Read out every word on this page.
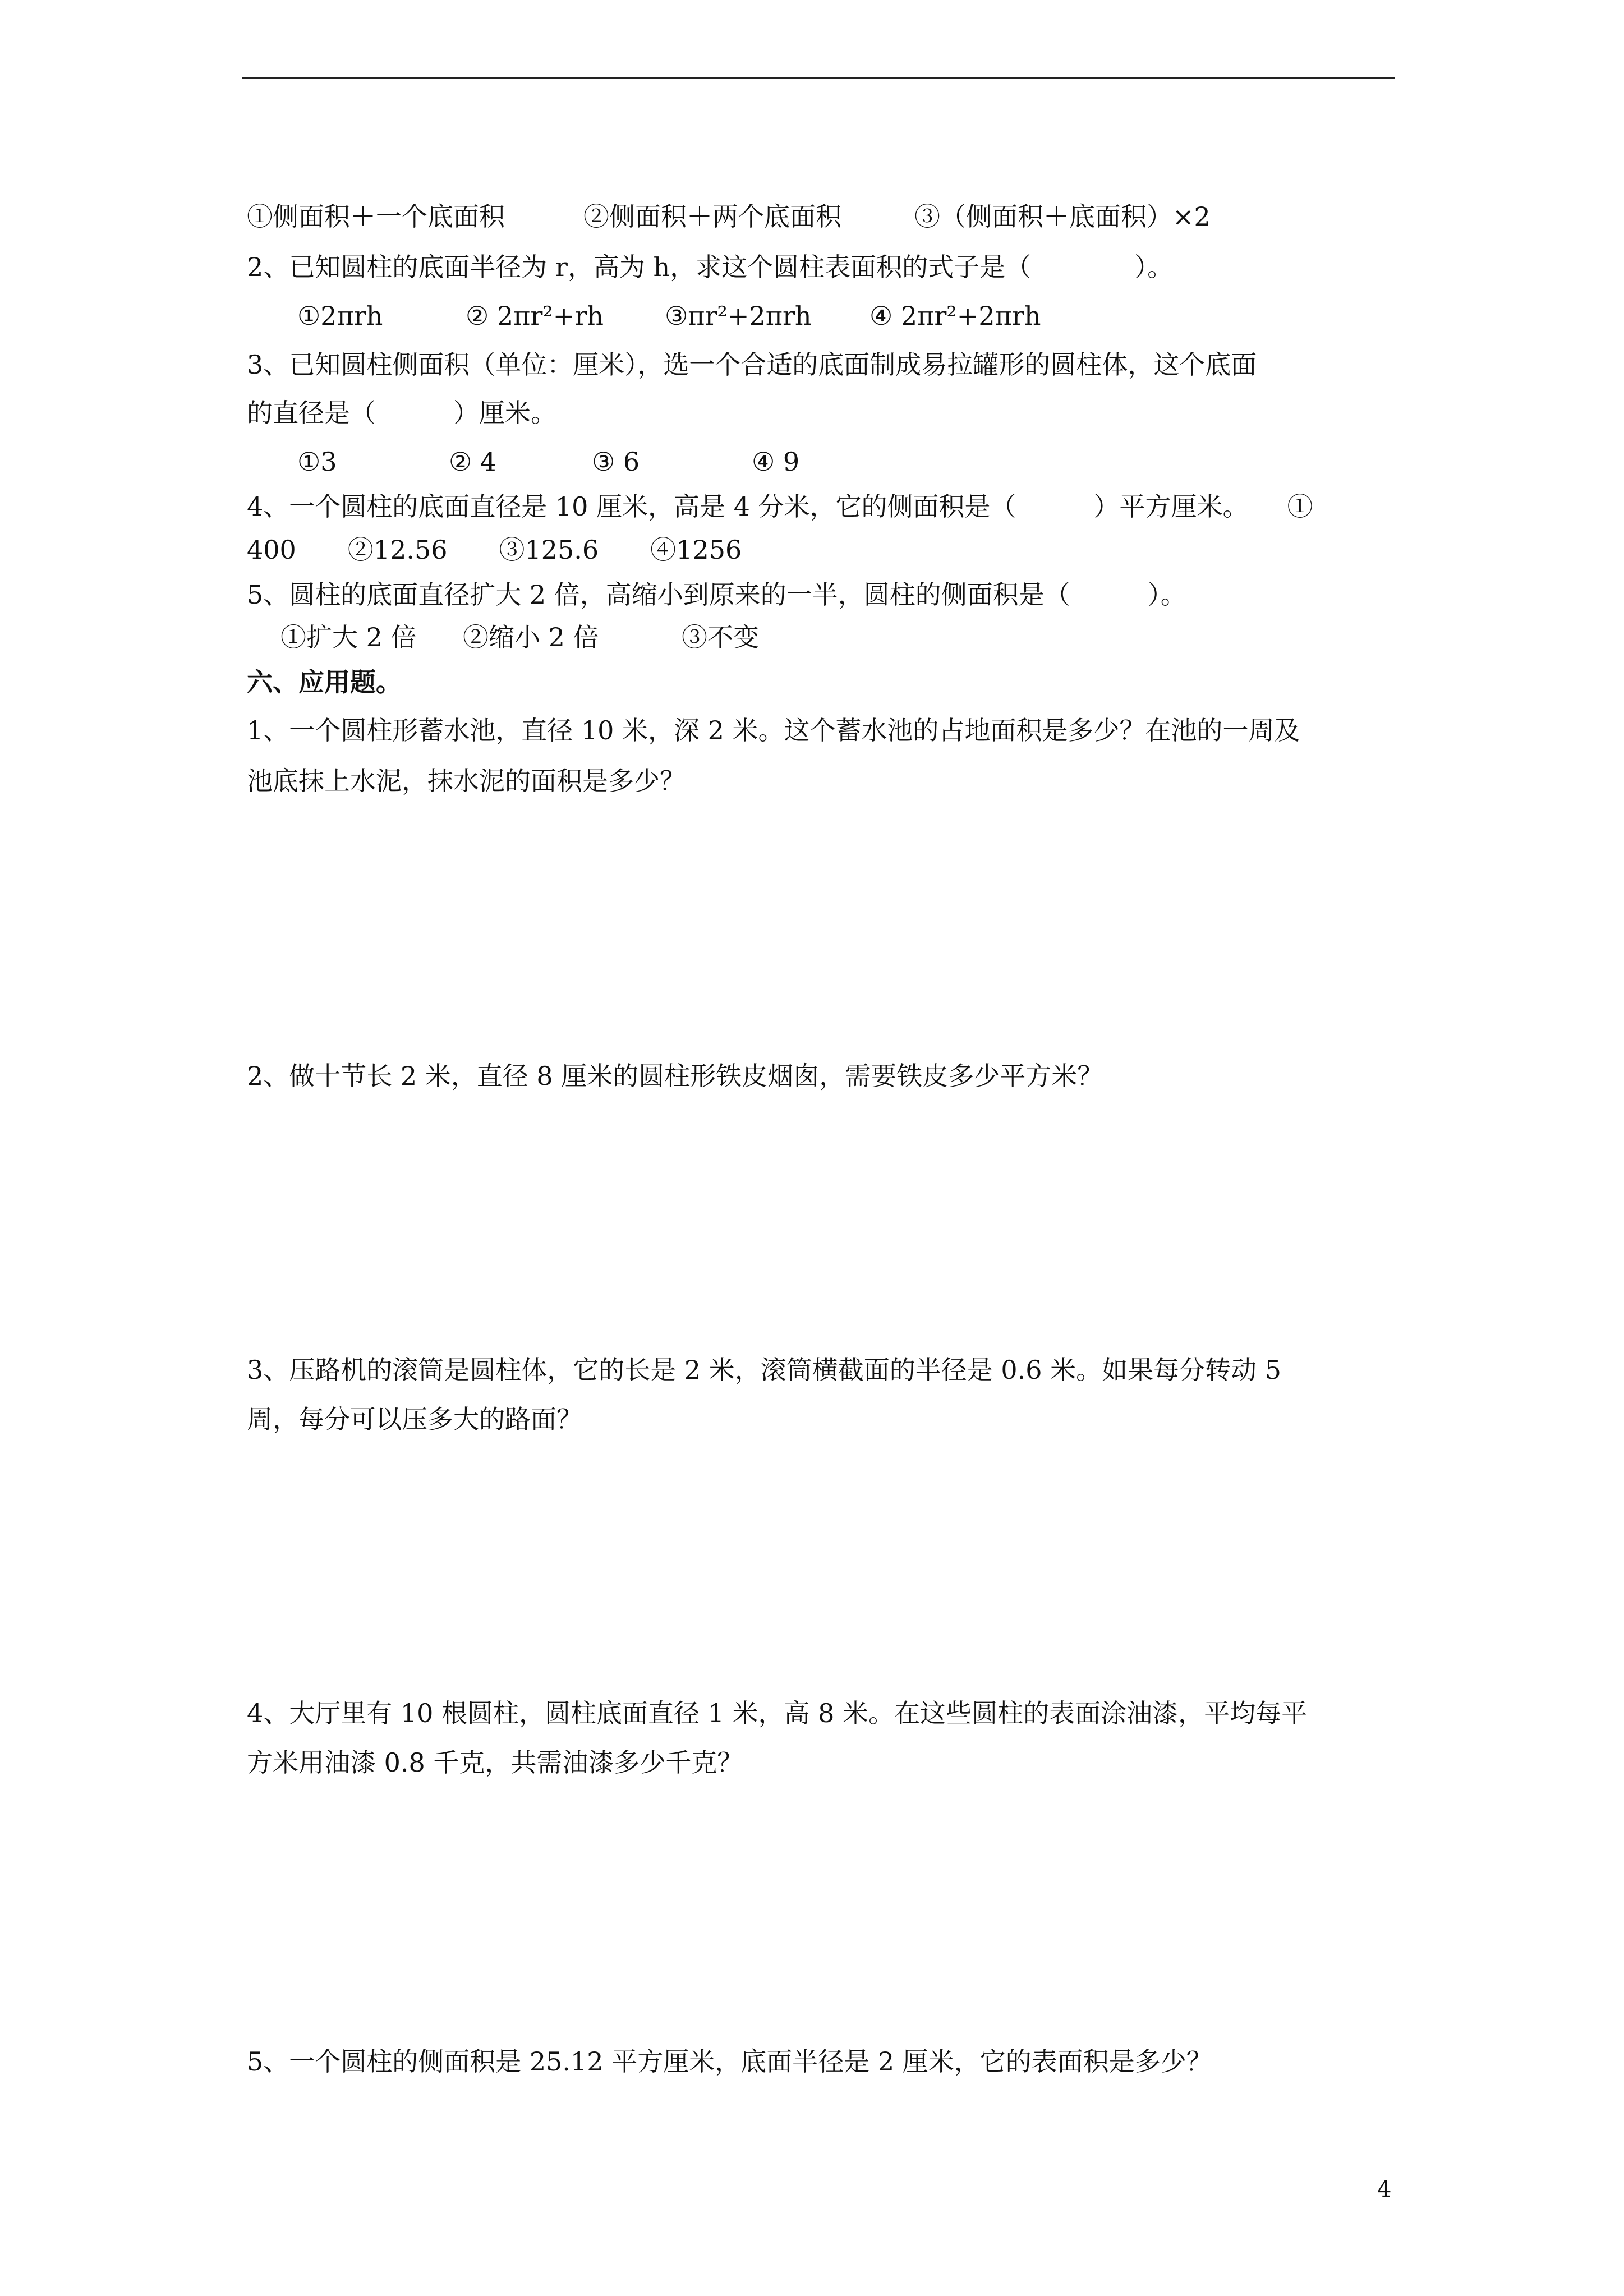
①侧面积＋一个底面积	②侧面积＋两个底面积	③（侧面积＋底面积）×2
2、已知圆柱的底面半径为 r，高为 h，求这个圆柱表面积的式子是（　　　　）。
①2πrh	② 2πr²+rh ③πr²+2πrh ④ 2πr²+2πrh
3、已知圆柱侧面积（单位：厘米），选一个合适的底面制成易拉罐形的圆柱体，这个底面
的直径是（　　　）厘米。
①3	② 4	③ 6	④ 9
4、一个圆柱的底面直径是 10 厘米，高是 4 分米，它的侧面积是（　　　）平方厘米。　　①
400　　②12.56　　③125.6　　④1256
5、圆柱的底面直径扩大 2 倍，高缩小到原来的一半，圆柱的侧面积是（　　　）。
①扩大 2 倍 ②缩小 2 倍	③不变
六、应用题。
1、一个圆柱形蓄水池，直径 10 米，深 2 米。这个蓄水池的占地面积是多少？在池的一周及
池底抹上水泥，抹水泥的面积是多少？
2、做十节长 2 米，直径 8 厘米的圆柱形铁皮烟囱，需要铁皮多少平方米？
3、压路机的滚筒是圆柱体，它的长是 2 米，滚筒横截面的半径是 0.6 米。如果每分转动 5
周，每分可以压多大的路面？
4、大厅里有 10 根圆柱，圆柱底面直径 1 米，高 8 米。在这些圆柱的表面涂油漆，平均每平
方米用油漆 0.8 千克，共需油漆多少千克？
5、一个圆柱的侧面积是 25.12 平方厘米，底面半径是 2 厘米，它的表面积是多少？
4
